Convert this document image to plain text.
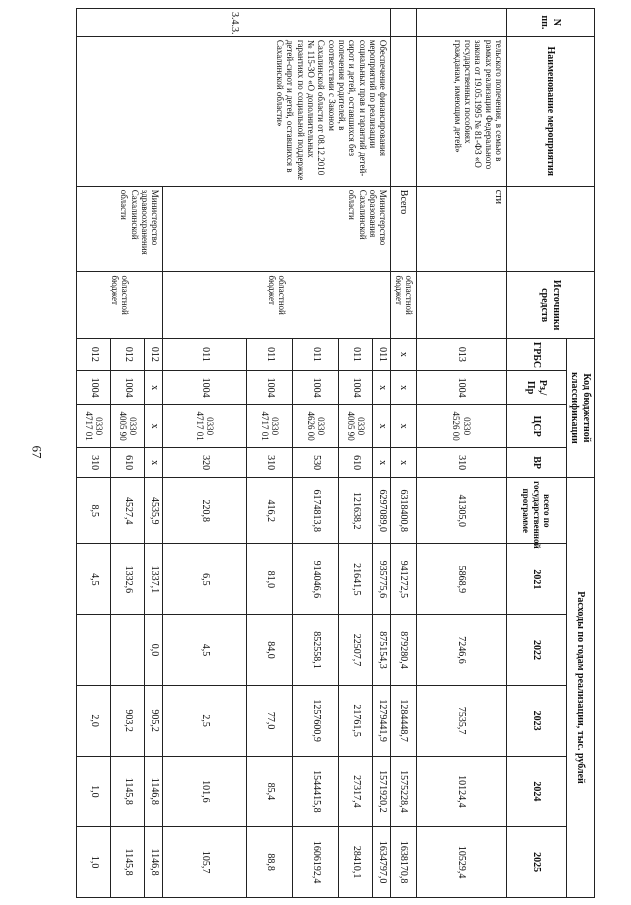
67
N пп.	Наименование мероприятия		Источники средств	Код бюджетной классификации				Расходы по годам реализации, тыс. рублей					
				ГРБС	Рз,/ Пр	ЦСР	ВР	всего по государственной программе	2021	2022	2023	2024	2025
	тельского попечения, в семью в рамках реализации Федерального закона от 19.05.1995 № 81-ФЗ «О государственных пособиях гражданам, имеющим детей»	сти		013	1004	0330 4526 00	310	41305,0	5868,9	7246,6	7535,7	10124,4	10529,4
		Всего	областной бюджет	х	х	х	х	6318400,8	941272,5	879280,4	1284448,7	1575228,4	1638170,8
3.4.3.	Обеспечение финансирования мероприятий по реализации социальных прав и гарантий детей-сирот и детей, оставшихся без попечения родителей, в соответствии с Законом Сахалинской области от 08.12.2010 № 115-ЗО «О дополнительных гарантиях по социальной поддержке детей-сирот и детей, оставшихся в Сахалинской области»	Министерство образования Сахалинской области	областной бюджет	011	х	х	х	6297089,0	935775,6	875154,3	1279441,9	1571920,2	1634797,0
				011	1004	0330 4005 90	610	121638,2	21641,5	22507,7	21761,5	27317,4	28410,1
				011	1004	0330 4626 00	530	6174813,8	914046,6	852558,1	1257600,9	1544415,8	1606192,4
				011	1004	0330 4717 01	310	416,2	81,0	84,0	77,0	85,4	88,8
				011	1004	0330 4717 01	320	220,8	6,5	4,5	2,5	101,6	105,7
		Министерство здравоохранения Сахалинской области	областной бюджет	012	х	х	х	4535,9	1337,1	0,0	905,2	1146,8	1146,8
				012	1004	0330 4005 90	610	4527,4	1332,6		903,2	1145,8	1145,8
				012	1004	0330 4717 01	310	8,5	4,5		2,0	1,0	1,0
